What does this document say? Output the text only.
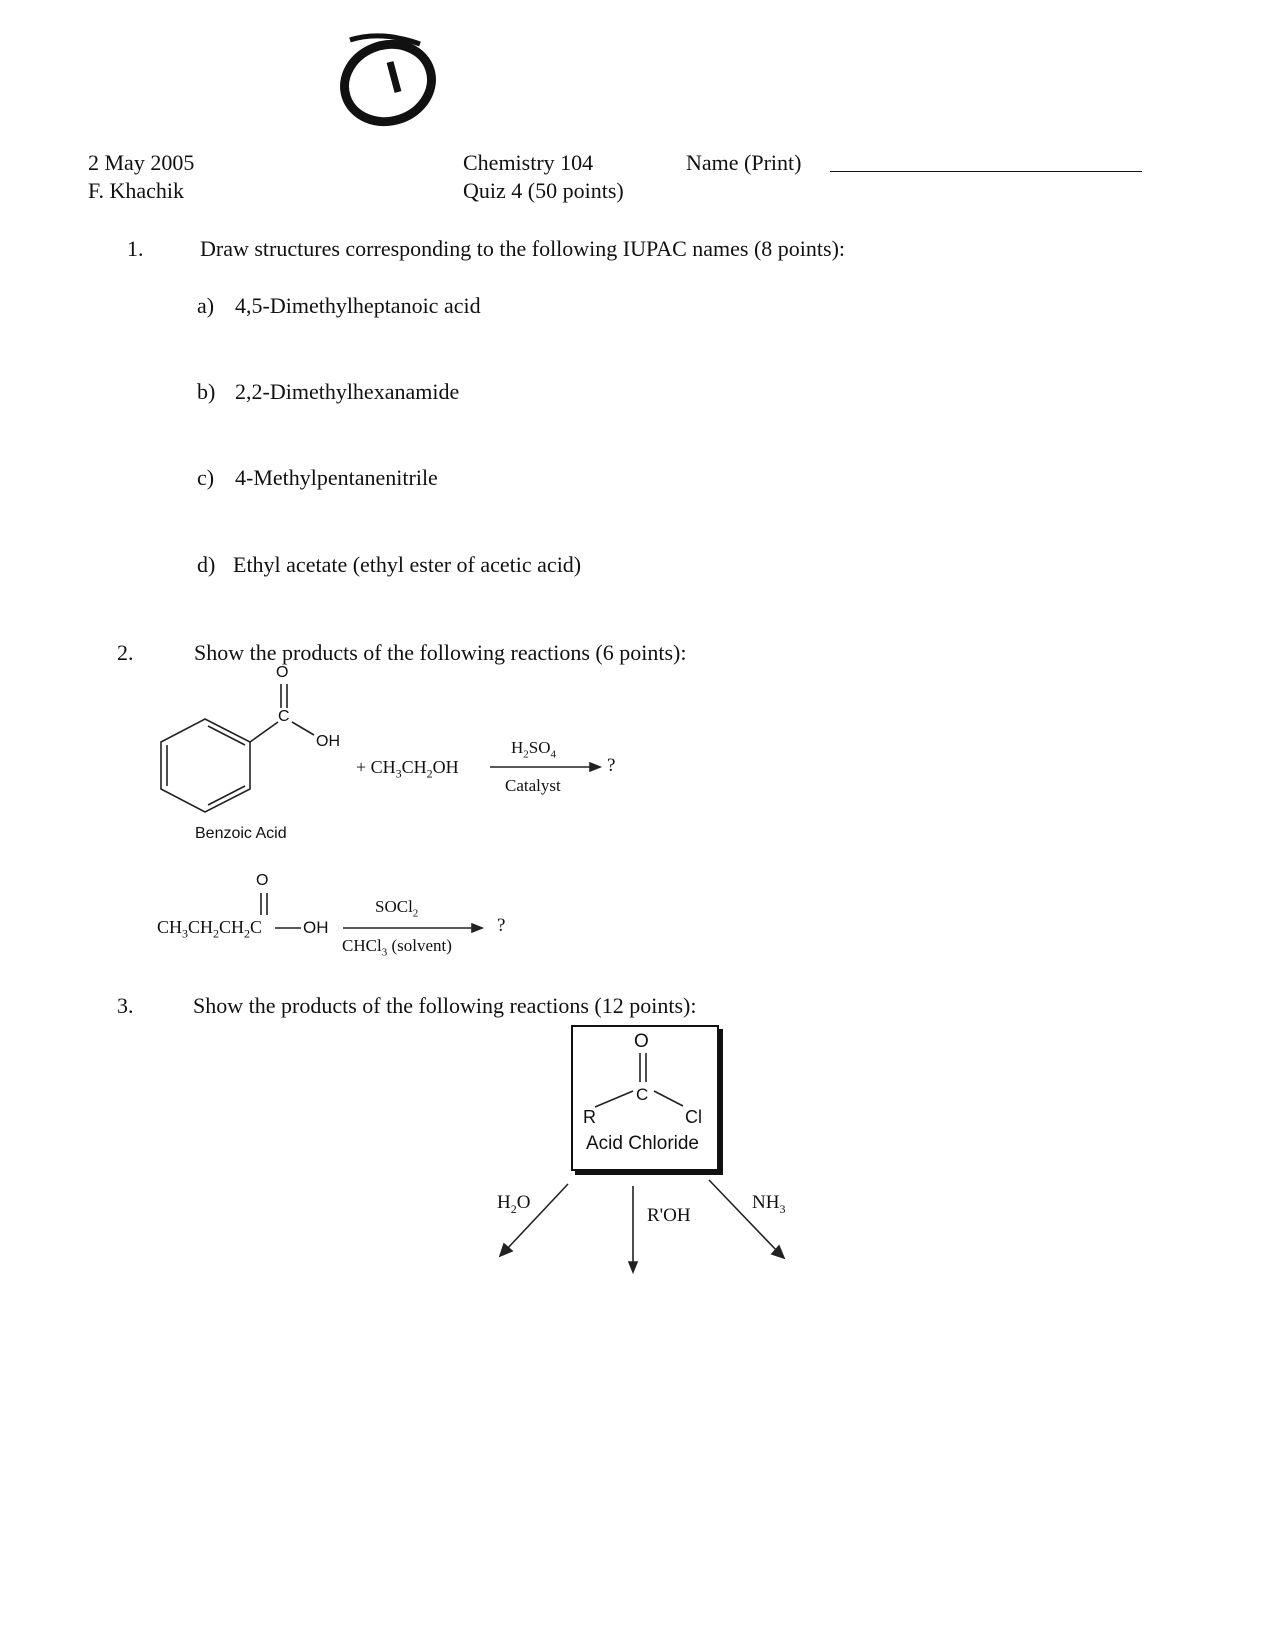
2 May 2005
F. Khachik
Chemistry 104
Quiz 4 (50 points)
Name (Print)
1.	Draw structures corresponding to the following IUPAC names (8 points):
a) 4,5-Dimethylheptanoic acid
b) 2,2-Dimethylhexanamide
c) 4-Methylpentanenitrile
d) Ethyl acetate (ethyl ester of acetic acid)
2.	Show the products of the following reactions (6 points):
O
C
OH
+ $CH_3CH_2OH$
$H_2SO_4$
Catalyst
?
Benzoic Acid
O
$CH_3CH_2CH_2C$ OH
SOCl$_2$
CHCl$_3$ (solvent)
?
3.	Show the products of the following reactions (12 points):
O
C
R	Cl
Acid Chloride
$H_2O$
R'OH
$NH_3$
